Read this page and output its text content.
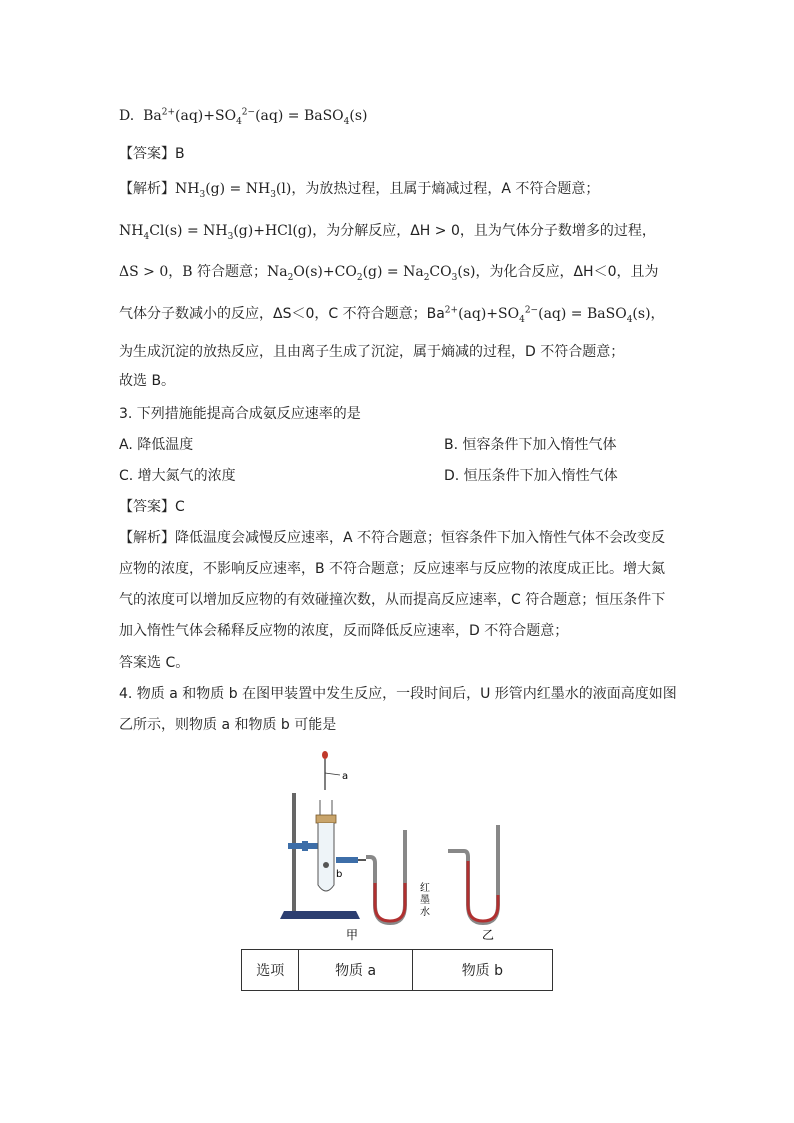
D. $Ba^{2+}(aq)+SO_4^{2-}(aq)$ = BaSO$_4$(s)
【答案】B
【解析】$NH_3(g) = NH_3(l)$，为放热过程，且属于熵减过程，A 不符合题意；
$NH_4Cl(s) = NH_3(g)+HCl(g)$，为分解反应，ΔH > 0，且为气体分子数增多的过程，
ΔS > 0，B 符合题意；$Na_2O(s)+CO_2(g) = Na_2CO_3(s)$，为化合反应，ΔH＜0，且为
气体分子数减小的反应，ΔS＜0，C 不符合题意；$Ba^{2+}(aq)+SO_4^{2-}(aq)$ = BaSO$_4$(s)，
为生成沉淀的放热反应，且由离子生成了沉淀，属于熵减的过程，D 不符合题意；
故选 B。
3. 下列措施能提高合成氨反应速率的是
A. 降低温度	B. 恒容条件下加入惰性气体
C. 增大氮气的浓度	D. 恒压条件下加入惰性气体
【答案】C
【解析】降低温度会减慢反应速率，A 不符合题意；恒容条件下加入惰性气体不会改变反
应物的浓度，不影响反应速率，B 不符合题意；反应速率与反应物的浓度成正比。增大氮
气的浓度可以增加反应物的有效碰撞次数，从而提高反应速率，C 符合题意；恒压条件下
加入惰性气体会稀释反应物的浓度，反而降低反应速率，D 不符合题意；
答案选 C。
4. 物质 a 和物质 b 在图甲装置中发生反应，一段时间后，U 形管内红墨水的液面高度如图
乙所示，则物质 a 和物质 b 可能是
a
b
红
墨
水
甲	乙
选项	物质 a	物质 b
